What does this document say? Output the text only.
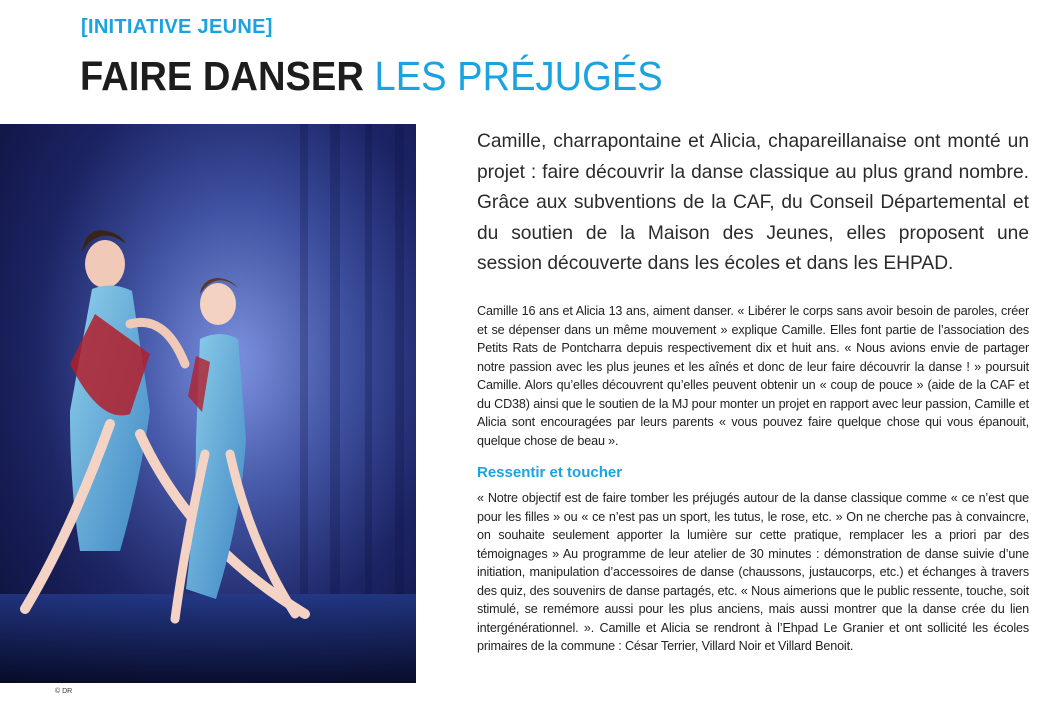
[INITIATIVE JEUNE]
FAIRE DANSER LES PRÉJUGÉS
© DR

Camille, charrapontaine et Alicia, chapareillanaise ont monté un projet : faire découvrir la danse classique au plus grand nombre. Grâce aux subventions de la CAF, du Conseil Départemental et du soutien de la Maison des Jeunes, elles proposent une session découverte dans les écoles et dans les EHPAD.

Camille 16 ans et Alicia 13 ans, aiment danser. « Libérer le corps sans avoir besoin de paroles, créer et se dépenser dans un même mouvement » explique Camille. Elles font partie de l’association des Petits Rats de Pontcharra depuis respectivement dix et huit ans. « Nous avions envie de partager notre passion avec les plus jeunes et les aînés et donc de leur faire découvrir la danse ! » poursuit Camille. Alors qu’elles découvrent qu’elles peuvent obtenir un « coup de pouce » (aide de la CAF et du CD38) ainsi que le soutien de la MJ pour monter un projet en rapport avec leur passion, Camille et Alicia sont encouragées par leurs parents « vous pouvez faire quelque chose qui vous épanouit, quelque chose de beau ».

Ressentir et toucher

« Notre objectif est de faire tomber les préjugés autour de la danse classique comme « ce n’est que pour les filles » ou « ce n’est pas un sport, les tutus, le rose, etc. » On ne cherche pas à convaincre, on souhaite seulement apporter la lumière sur cette pratique, remplacer les a priori par des témoignages » Au programme de leur atelier de 30 minutes : démonstration de danse suivie d’une initiation, manipulation d’accessoires de danse (chaussons, justaucorps, etc.) et échanges à travers des quiz, des souvenirs de danse partagés, etc. « Nous aimerions que le public ressente, touche, soit stimulé, se remémore aussi pour les plus anciens, mais aussi montrer que la danse crée du lien intergénérationnel. ». Camille et Alicia se rendront à l’Ehpad Le Granier et ont sollicité les écoles primaires de la commune : César Terrier, Villard Noir et Villard Benoit.
